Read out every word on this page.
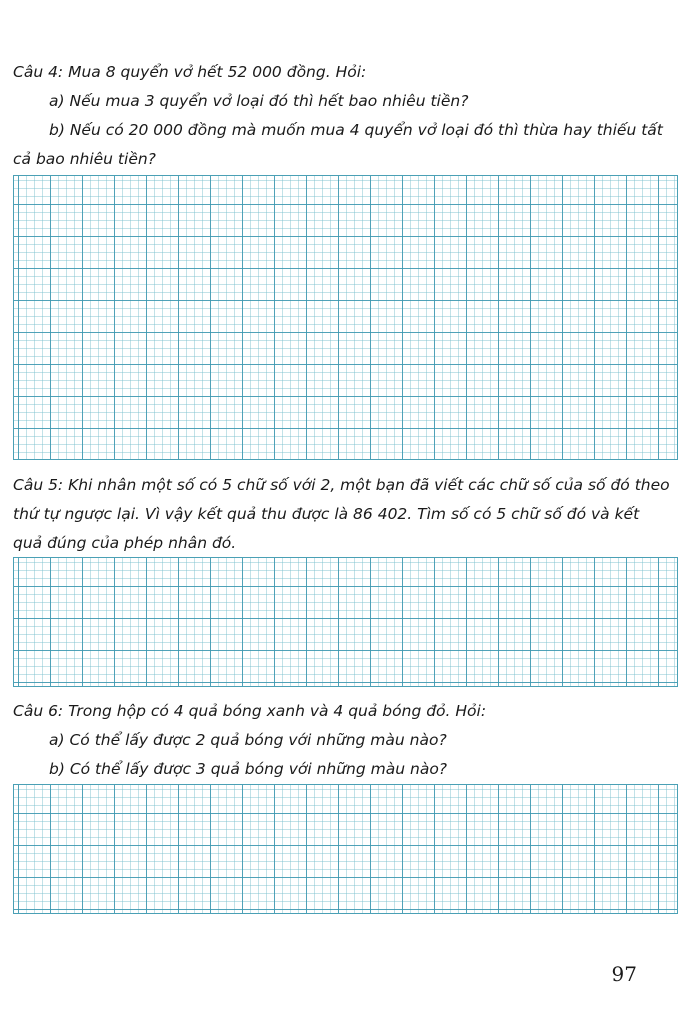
Câu 4: Mua 8 quyển vở hết 52 000 đồng. Hỏi:
a) Nếu mua 3 quyển vở loại đó thì hết bao nhiêu tiền?
b) Nếu có 20 000 đồng mà muốn mua 4 quyển vở loại đó thì thừa hay thiếu tất
cả bao nhiêu tiền?
Câu 5: Khi nhân một số có 5 chữ số với 2, một bạn đã viết các chữ số của số đó theo
thứ tự ngược lại. Vì vậy kết quả thu được là 86 402. Tìm số có 5 chữ số đó và kết
quả đúng của phép nhân đó.
Câu 6: Trong hộp có 4 quả bóng xanh và 4 quả bóng đỏ. Hỏi:
a) Có thể lấy được 2 quả bóng với những màu nào?
b) Có thể lấy được 3 quả bóng với những màu nào?
97
